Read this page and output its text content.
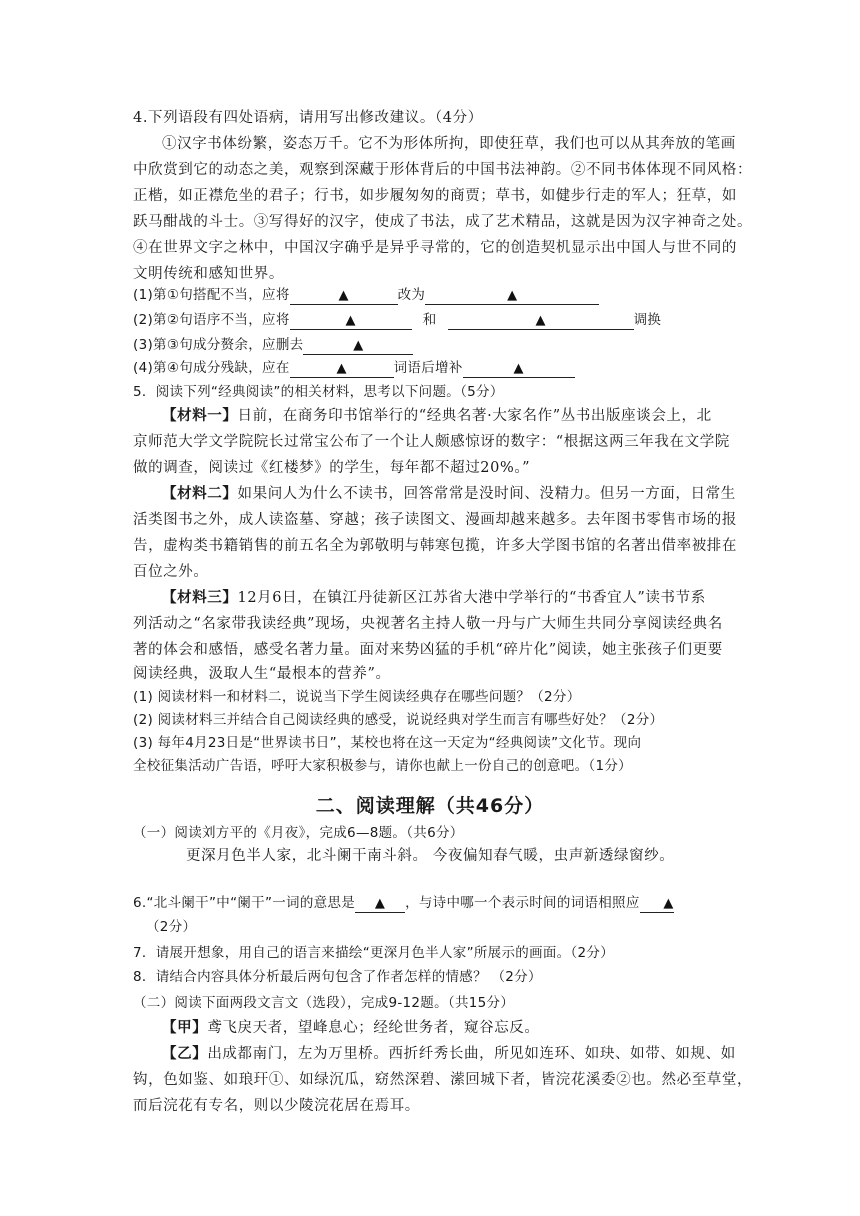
4.下列语段有四处语病，请用写出修改建议。（4分）
①汉字书体纷繁，姿态万千。它不为形体所拘，即使狂草，我们也可以从其奔放的笔画
中欣赏到它的动态之美，观察到深藏于形体背后的中国书法神韵。②不同书体体现不同风格：
正楷，如正襟危坐的君子；行书，如步履匆匆的商贾；草书，如健步行走的军人；狂草，如
跃马酣战的斗士。③写得好的汉字，使成了书法，成了艺术精品，这就是因为汉字神奇之处。
④在世界文字之林中，中国汉字确乎是异乎寻常的，它的创造契机显示出中国人与世不同的
文明传统和感知世界。
(1)第①句搭配不当，应将	▲	改为	▲
(2)第②句语序不当，应将	▲	和	▲	调换
(3)第③句成分赘余，应删去	▲
(4)第④句成分残缺，应在	▲	词语后增补	▲
5．阅读下列“经典阅读”的相关材料，思考以下问题。（5分）
【材料一】日前，在商务印书馆举行的“经典名著·大家名作”丛书出版座谈会上，北
京师范大学文学院院长过常宝公布了一个让人颇感惊讶的数字：“根据这两三年我在文学院
做的调查，阅读过《红楼梦》的学生，每年都不超过20%。”
【材料二】如果问人为什么不读书，回答常常是没时间、没精力。但另一方面，日常生
活类图书之外，成人读盗墓、穿越；孩子读图文、漫画却越来越多。去年图书零售市场的报
告，虚构类书籍销售的前五名全为郭敬明与韩寒包揽，许多大学图书馆的名著出借率被排在
百位之外。
【材料三】12月6日，在镇江丹徒新区江苏省大港中学举行的“书香宜人”读书节系
列活动之“名家带我读经典”现场，央视著名主持人敬一丹与广大师生共同分享阅读经典名
著的体会和感悟，感受名著力量。面对来势凶猛的手机“碎片化”阅读，她主张孩子们更要
阅读经典，汲取人生“最根本的营养”。
(1) 阅读材料一和材料二，说说当下学生阅读经典存在哪些问题？（2分）
(2) 阅读材料三并结合自己阅读经典的感受，说说经典对学生而言有哪些好处？（2分）
(3) 每年4月23日是“世界读书日”，某校也将在这一天定为“经典阅读”文化节。现向
全校征集活动广告语，呼吁大家积极参与，请你也献上一份自己的创意吧。（1分）
二、阅读理解（共46分）
（一）阅读刘方平的《月夜》，完成6—8题。（共6分）
更深月色半人家，北斗阑干南斗斜。 今夜偏知春气暖，虫声新透绿窗纱。
6.“北斗阑干”中“阑干”一词的意思是 ▲ ，与诗中哪一个表示时间的词语相照应 ▲
（2分）
7．请展开想象，用自己的语言来描绘“更深月色半人家”所展示的画面。（2分）
8．请结合内容具体分析最后两句包含了作者怎样的情感？ （2分）
（二）阅读下面两段文言文（选段），完成9-12题。（共15分）
【甲】鸢飞戾天者，望峰息心；经纶世务者，窥谷忘反。
【乙】出成都南门，左为万里桥。西折纤秀长曲，所见如连环、如玦、如带、如规、如
钩，色如鉴、如琅玕①、如绿沉瓜，窈然深碧、潆回城下者，皆浣花溪委②也。然必至草堂，
而后浣花有专名，则以少陵浣花居在焉耳。
